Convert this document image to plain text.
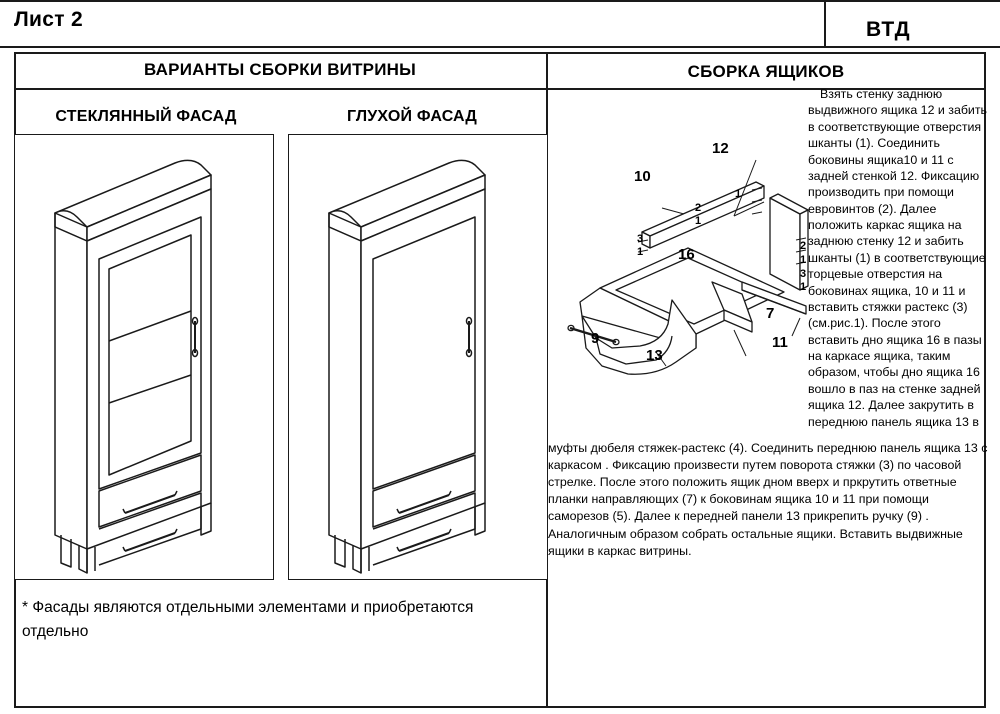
Лист 2	ВТД
ВАРИАНТЫ СБОРКИ ВИТРИНЫ
СТЕКЛЯННЫЙ ФАСАД	ГЛУХОЙ ФАСАД
* Фасады являются отдельными элементами и приобретаются отдельно
СБОРКА ЯЩИКОВ
Взять стенку заднюю выдвижного ящика 12 и забить в соответствующие отверстия шканты (1). Соединить боковины ящика10 и 11 с задней стенкой 12. Фиксацию производить при помощи евровинтов (2). Далее положить каркас ящика на заднюю стенку 12 и забить шканты (1) в соответствующие торцевые отверстия на боковинах ящика, 10 и 11 и вставить стяжки растекс (3) (см.рис.1). После этого вставить дно ящика 16 в пазы на каркасе ящика, таким образом, чтобы дно ящика 16 вошло в паз на стенке задней ящика 12. Далее закрутить в переднюю панель ящика 13 в
муфты дюбеля стяжек-растекс (4). Соединить переднюю панель ящика 13 с каркасом . Фиксацию произвести путем поворота стяжки (3) по часовой стрелке. После этого положить ящик дном вверх и пркрутить ответные планки направляющих (7) к боковинам ящика 10 и 11 при помощи саморезов (5). Далее к передней панели 13 прикрепить ручку (9) . Аналогичным образом собрать остальные ящики. Вставить выдвижные ящики в каркас витрины.
12
10
16
13
11
9
7
1
2
3
1
1
2
1
3
1
